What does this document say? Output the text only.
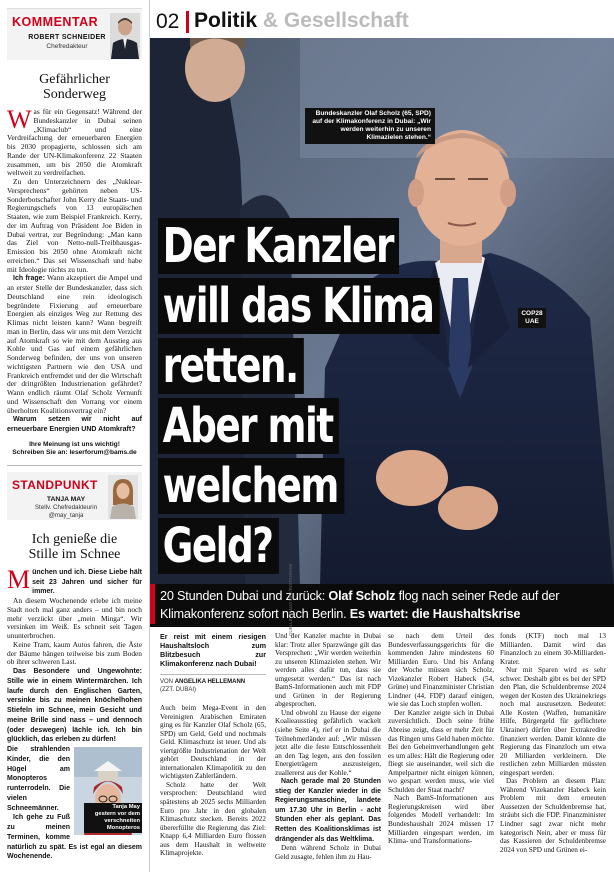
KOMMENTAR
ROBERT SCHNEIDER
Chefredakteur
Gefährlicher
Sonderweg

Was für ein Gegensatz! Während der Bundeskanzler in Dubai seinen „Klimaclub“ und eine Verdreifachung der erneuerbaren Energien bis 2030 propagierte, schlossen sich am Rande der UN-Klimakonferenz 22 Staaten zusammen, um bis 2050 die Atomkraft weltweit zu verdreifachen.

Zu den Unterzeichnern des „Nuklear-Versprechens“ gehörten neben US-Sonderbotschafter John Kerry die Staats- und Regierungschefs von 13 europäischen Staaten, wie zum Beispiel Frankreich. Kerry, der im Auftrag von Präsident Joe Biden in Dubai vertrat, zur Begründung: „Man kann das Ziel von Netto-null-Treibhausgas-Emission bis 2050 ohne Atomkraft nicht erreichen.“ Das sei Wissenschaft und habe mit Ideologie nichts zu tun.

Ich frage: Wann akzeptiert die Ampel und an erster Stelle der Bundeskanzler, dass sich Deutschland eine rein ideologisch begründete Fixierung auf erneuerbare Energien als einziges Weg zur Rettung des Klimas nicht leisten kann? Wann begreift man in Berlin, dass wir uns mit dem Verzicht auf Atomkraft so wie mit dem Ausstieg aus Kohle und Gas auf einem gefährlichen Sonderweg befinden, der uns von unseren wichtigsten Partnern wie den USA und Frankreich entfremdet und der die Wirtschaft der drittgrößten Industrienation gefährdet? Wann endlich räumt Olaf Scholz Vernunft und Wissenschaft den Vorrang vor einem überholten Koalitionsvertrag ein?

Warum setzen wir nicht auf erneuerbare Energien UND Atomkraft?

Ihre Meinung ist uns wichtig!
Schreiben Sie an: leserforum@bams.de
STANDPUNKT
TANJA MAY
Stellv. Chefredakteurin
@may_tanja
Ich genieße die
Stille im Schnee

München und ich. Diese Liebe hält seit 23 Jahren und sicher für immer.

An diesem Wochenende erlebe ich meine Stadt noch mal ganz anders – und bin noch mehr verzückt über „mein Minga“. Wir versinken im Weiß. Es schneit seit Tagen ununterbrochen.

Keine Tram, kaum Autos fahren, die Äste der Bäume hängen teilweise bis zum Boden ob ihrer schweren Last.

Das Besondere und Ungewohnte: Stille wie in einem Wintermärchen. Ich laufe durch den Englischen Garten, versinke bis zu meinen knöchelhohen Stiefeln im Schnee, mein Gesicht und meine Brille sind nass – und dennoch (oder deswegen) lächle ich. Ich bin glücklich, das erleben zu dürfen!

Tanja May
gestern vor dem verschneiten Monopteros

Die strahlenden Kinder, die den Hügel am Monopteros runterrodeln. Die vielen Schneemänner.

Ich gehe zu Fuß zu meinen Terminen, komme natürlich zu spät. Es ist egal an diesem Wochenende.

02 Politik & Gesellschaft
Bundeskanzler Olaf Scholz (65, SPD) auf der Klimakonferenz in Dubai: „Wir werden weiterhin zu unseren Klimazielen stehen.“
COP28
UAE
Der Kanzler
will das Klima
retten.
Aber mit
welchem
Geld?
20 Stunden Dubai und zurück: Olaf Scholz flog nach seiner Rede auf der Klimakonferenz sofort nach Berlin. Es wartet: die Haushaltskrise
QUELLE: TANJA MAY/INSTAGRAM
Er reist mit einem riesigen Haushaltsloch zum Blitzbesuch zur Klimakonferenz nach Dubai!
VON ANGELIKA HELLEMANN
(ZZT. DUBAI)

Auch beim Mega-Event in den Vereinigten Arabischen Emiraten ging es für Kanzler Olaf Scholz (65, SPD) um Geld, Geld und nochmals Geld. Klimaschutz ist teuer. Und als viertgrößte Industrienation der Welt gehört Deutschland in der internationalen Klimapolitik zu den wichtigsten Zahlerländern.

Scholz hatte der Welt versprochen: Deutschland wird spätestens ab 2025 sechs Milliarden Euro pro Jahr in den globalen Klimaschutz stecken. Bereits 2022 übererfüllte die Regierung das Ziel: Knapp 6,4 Milliarden Euro flossen aus dem Haushalt in weltweite Klimaprojekte.

Und der Kanzler machte in Dubai klar: Trotz aller Sparzwänge gilt das Versprechen: „Wir werden weiterhin zu unseren Klimazielen stehen. Wir werden alles dafür tun, dass sie umgesetzt werden.“ Das ist nach BamS-Informationen auch mit FDP und Grünen in der Regierung abgesprochen.

Und obwohl zu Hause der eigene Koalieausstieg gefährlich wackelt (siehe Seite 4), rief er in Dubai die Teilnehmerländer auf: „Wir müssen jetzt alle die feste Entschlossenheit an den Tag legen, aus den fossilen Energieträgern auszusteigen, zuallererst aus der Kohle.“

Nach gerade mal 20 Stunden stieg der Kanzler wieder in die Regierungsmaschine, landete um 17.30 Uhr in Berlin - acht Stunden eher als geplant. Das Retten des Koalitionsklimas ist drängender als das Weltklima.

Denn während Scholz in Dubai Geld zusagte, fehlen ihm zu Hau-

se nach dem Urteil des Bundesverfassungsgerichts für die kommenden Jahre mindestens 60 Milliarden Euro. Und bis Anfang der Woche müssen sich Scholz, Vizekanzler Robert Habeck (54, Grüne) und Finanzminister Christian Lindner (44, FDP) darauf einigen, wie sie das Loch stopfen wollen.

Der Kanzler zeigte sich in Dubai zuversichtlich. Doch seine frühe Abreise zeigt, dass er mehr Zeit für das Ringen ums Geld haben möchte. Bei den Geheimverhandlungen geht es um alles: Hält die Regierung oder fliegt sie auseinander, weil sich die Ampelpartner nicht einigen können, wo gespart werden muss, wie viel Schulden der Staat macht?

Nach BamS-Informationen aus Regierungskreisen wird über folgendes Modell verhandelt: Im Bundeshaushalt 2024 müssen 17 Milliarden eingespart werden, im Klima- und Transformations-

fonds (KTF) noch mal 13 Milliarden. Damit wird das Finanzloch zu einem 30-Milliarden-Krater.

Nur mit Sparen wird es sehr schwer. Deshalb gibt es bei der SPD den Plan, die Schuldenbremse 2024 wegen der Kosten des Ukrainekriegs noch mal auszusetzen. Bedeutet: Alle Kosten (Waffen, humanitäre Hilfe, Bürgergeld für geflüchtete Ukrainer) dürfen über Extrakredite finanziert werden. Damit könnte die Regierung das Finanzloch um etwa 20 Milliarden verkleinern. Die restlichen zehn Milliarden müssten eingespart werden.

Das Problem an diesem Plan: Während Vizekanzler Habeck kein Problem mit dem erneuten Aussetzen der Schuldenbremse hat, sträubt sich die FDP. Finanzminister Lindner sagt zwar nicht mehr kategorisch Nein, aber er muss für das Kassieren der Schuldenbremse 2024 von SPD und Grünen ei-
